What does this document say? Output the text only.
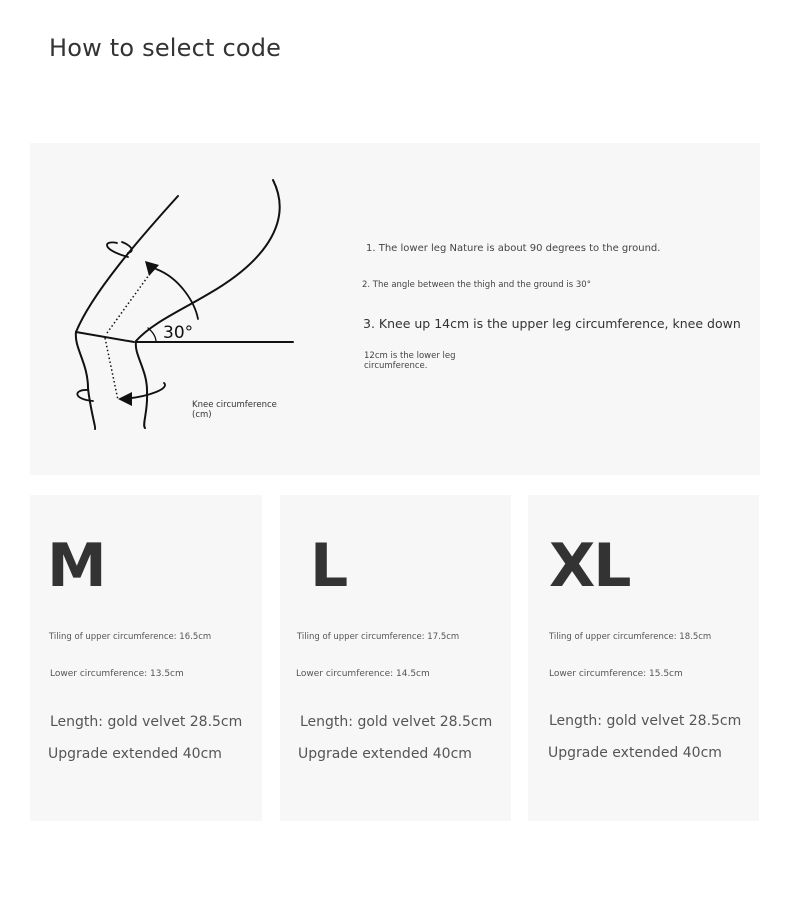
How to select code
30°
Knee circumference (cm)
1. The lower leg Nature is about 90 degrees to the ground.
2. The angle between the thigh and the ground is 30°
3. Knee up 14cm is the upper leg circumference, knee down
12cm is the lower leg circumference.
M
Tiling of upper circumference: 16.5cm
Lower circumference: 13.5cm
Length: gold velvet 28.5cm
Upgrade extended 40cm
L
Tiling of upper circumference: 17.5cm
Lower circumference: 14.5cm
Length: gold velvet 28.5cm
Upgrade extended 40cm
XL
Tiling of upper circumference: 18.5cm
Lower circumference: 15.5cm
Length: gold velvet 28.5cm
Upgrade extended 40cm
